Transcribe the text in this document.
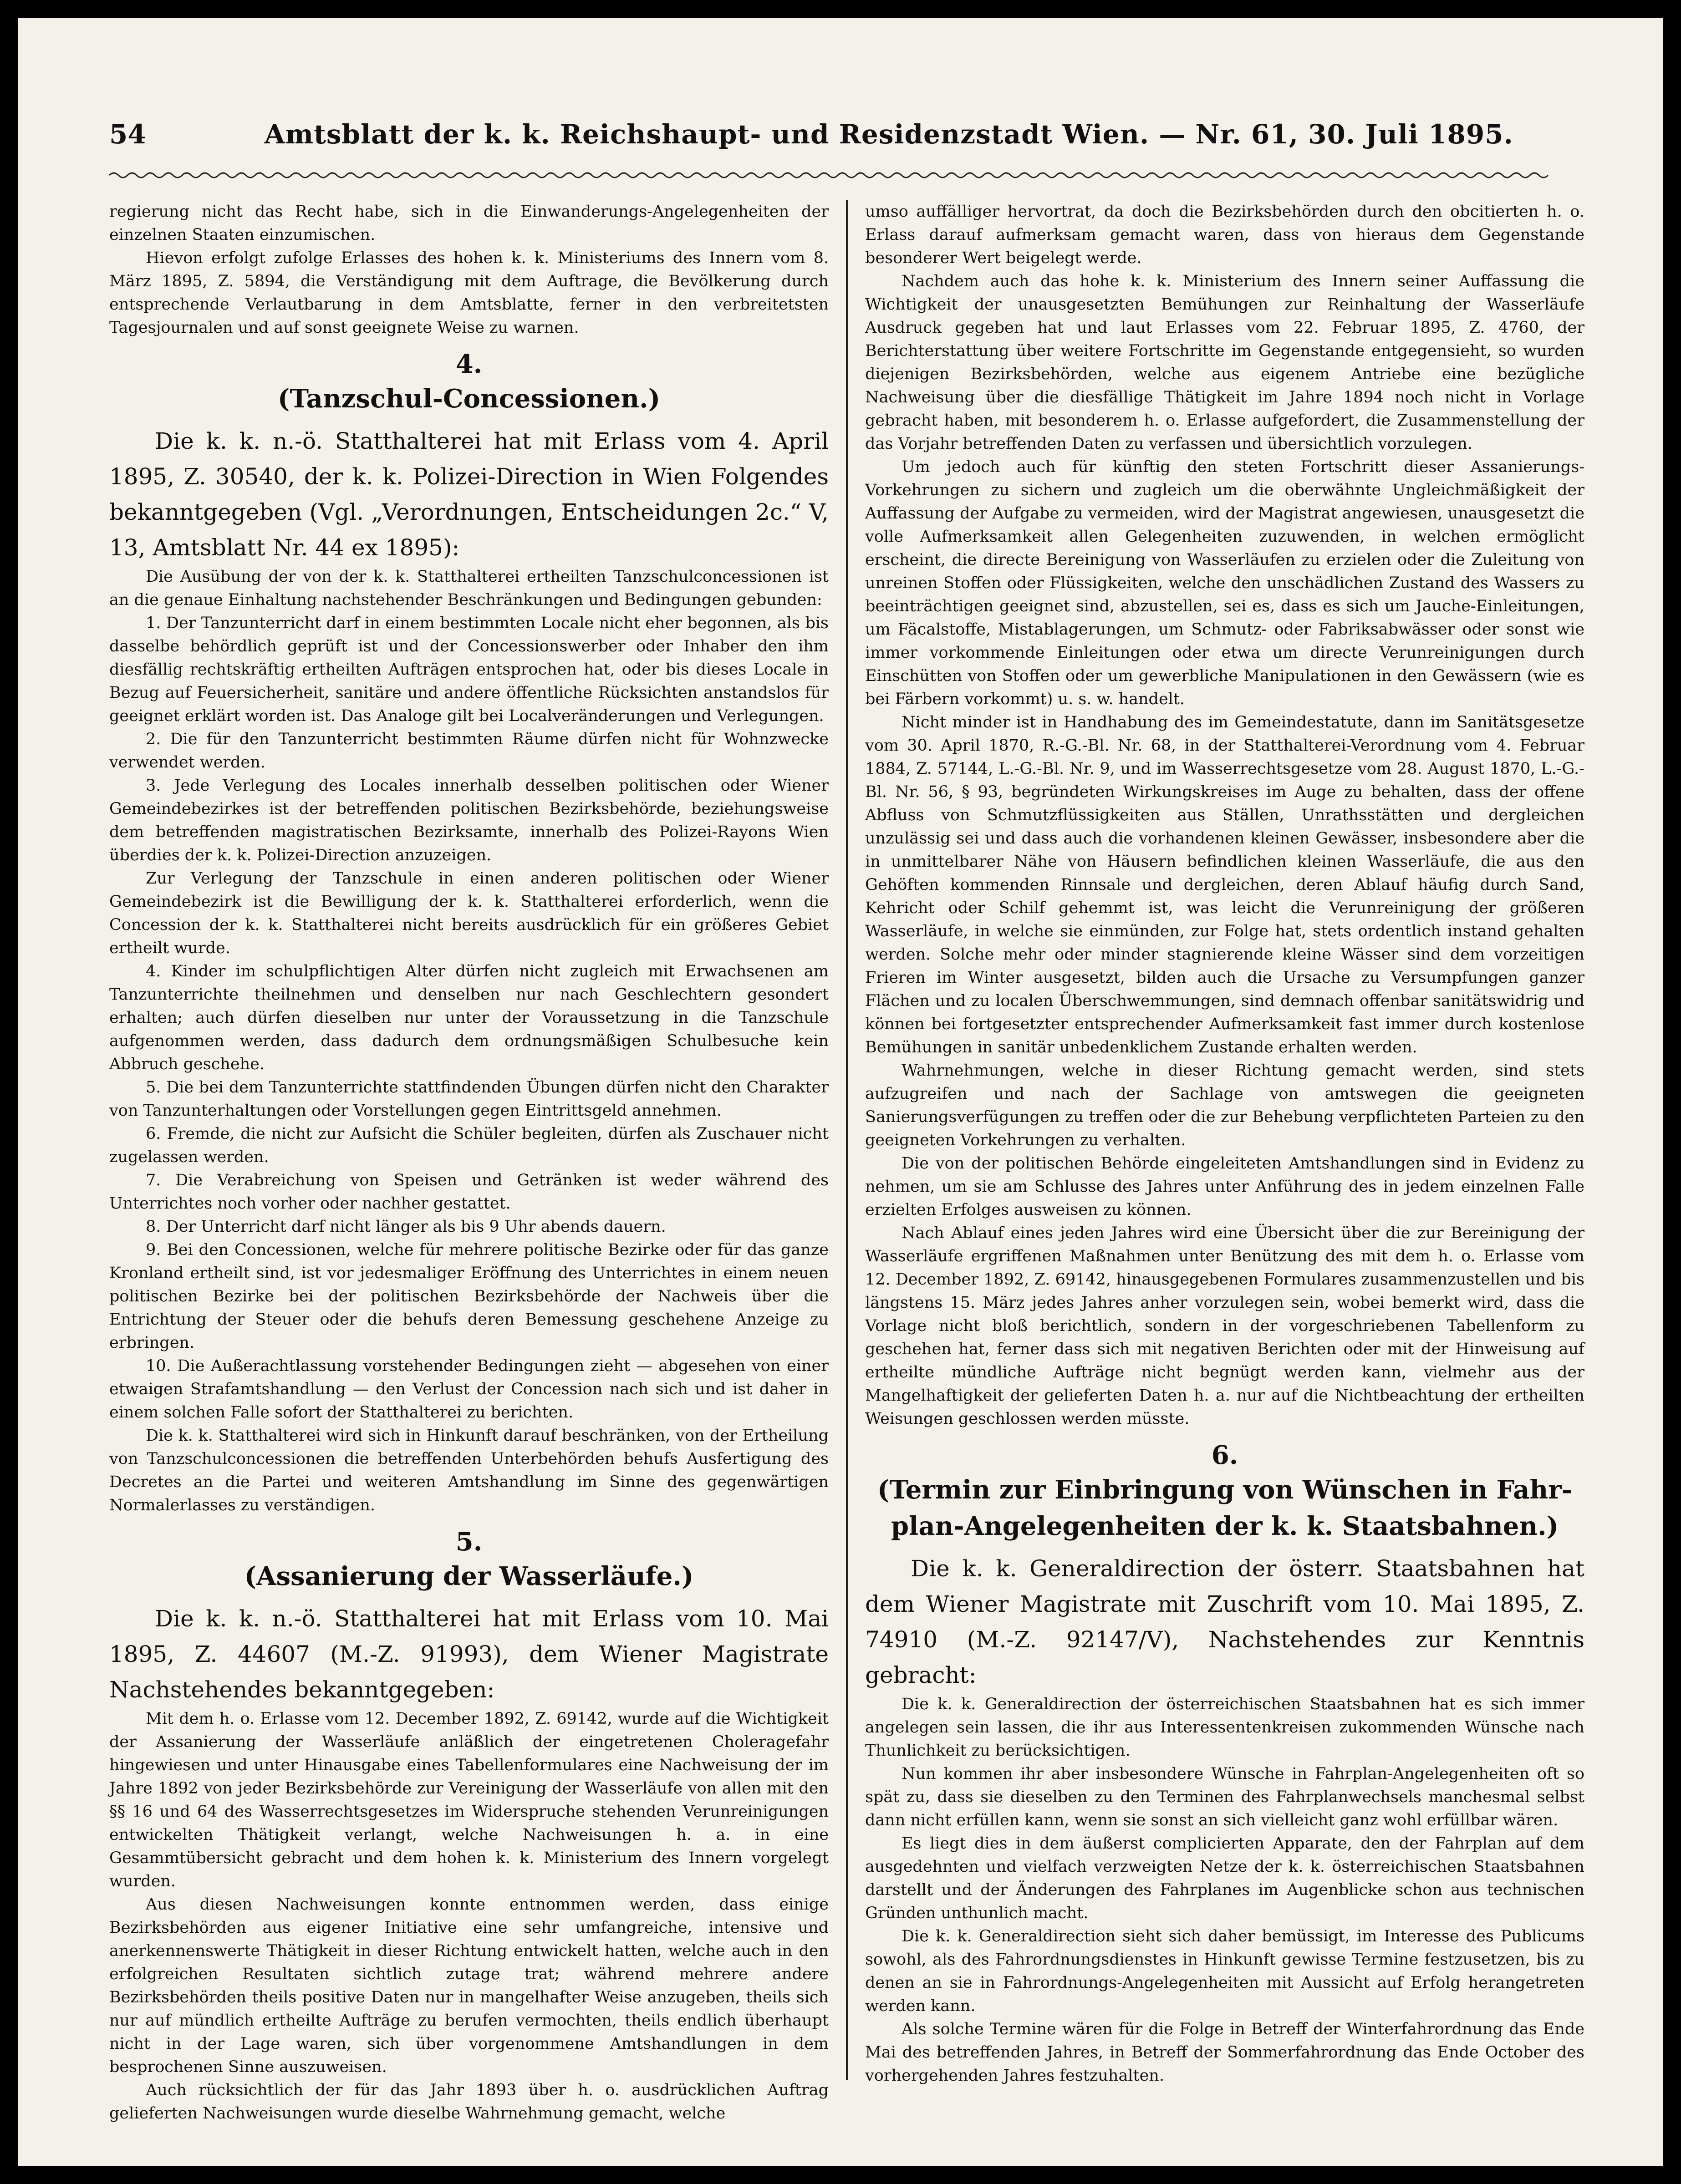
54	Amtsblatt der k. k. Reichshaupt- und Residenzstadt Wien. — Nr. 61, 30. Juli 1895.

regierung nicht das Recht habe, sich in die Einwanderungs-Angelegenheiten der einzelnen Staaten einzumischen.

Hievon erfolgt zufolge Erlasses des hohen k. k. Ministeriums des Innern vom 8. März 1895, Z. 5894, die Verständigung mit dem Auftrage, die Bevölkerung durch entsprechende Verlautbarung in dem Amtsblatte, ferner in den verbreitetsten Tagesjournalen und auf sonst geeignete Weise zu warnen.

4.
(Tanzschul-Concessionen.)

Die k. k. n.-ö. Statthalterei hat mit Erlass vom 4. April 1895, Z. 30540, der k. k. Polizei-Direction in Wien Folgendes bekanntgegeben (Vgl. „Verordnungen, Entscheidungen 2c.“ V, 13, Amtsblatt Nr. 44 ex 1895):

Die Ausübung der von der k. k. Statthalterei ertheilten Tanzschulconcessionen ist an die genaue Einhaltung nachstehender Beschränkungen und Bedingungen gebunden:

1. Der Tanzunterricht darf in einem bestimmten Locale nicht eher begonnen, als bis dasselbe behördlich geprüft ist und der Concessionswerber oder Inhaber den ihm diesfällig rechtskräftig ertheilten Aufträgen entsprochen hat, oder bis dieses Locale in Bezug auf Feuersicherheit, sanitäre und andere öffentliche Rücksichten anstandslos für geeignet erklärt worden ist. Das Analoge gilt bei Localveränderungen und Verlegungen.

2. Die für den Tanzunterricht bestimmten Räume dürfen nicht für Wohnzwecke verwendet werden.

3. Jede Verlegung des Locales innerhalb desselben politischen oder Wiener Gemeindebezirkes ist der betreffenden politischen Bezirksbehörde, beziehungsweise dem betreffenden magistratischen Bezirksamte, innerhalb des Polizei-Rayons Wien überdies der k. k. Polizei-Direction anzuzeigen.

Zur Verlegung der Tanzschule in einen anderen politischen oder Wiener Gemeindebezirk ist die Bewilligung der k. k. Statthalterei erforderlich, wenn die Concession der k. k. Statthalterei nicht bereits ausdrücklich für ein größeres Gebiet ertheilt wurde.

4. Kinder im schulpflichtigen Alter dürfen nicht zugleich mit Erwachsenen am Tanzunterrichte theilnehmen und denselben nur nach Geschlechtern gesondert erhalten; auch dürfen dieselben nur unter der Voraussetzung in die Tanzschule aufgenommen werden, dass dadurch dem ordnungsmäßigen Schulbesuche kein Abbruch geschehe.

5. Die bei dem Tanzunterrichte stattfindenden Übungen dürfen nicht den Charakter von Tanzunterhaltungen oder Vorstellungen gegen Eintrittsgeld annehmen.

6. Fremde, die nicht zur Aufsicht die Schüler begleiten, dürfen als Zuschauer nicht zugelassen werden.

7. Die Verabreichung von Speisen und Getränken ist weder während des Unterrichtes noch vorher oder nachher gestattet.

8. Der Unterricht darf nicht länger als bis 9 Uhr abends dauern.

9. Bei den Concessionen, welche für mehrere politische Bezirke oder für das ganze Kronland ertheilt sind, ist vor jedesmaliger Eröffnung des Unterrichtes in einem neuen politischen Bezirke bei der politischen Bezirksbehörde der Nachweis über die Entrichtung der Steuer oder die behufs deren Bemessung geschehene Anzeige zu erbringen.

10. Die Außerachtlassung vorstehender Bedingungen zieht — abgesehen von einer etwaigen Strafamtshandlung — den Verlust der Concession nach sich und ist daher in einem solchen Falle sofort der Statthalterei zu berichten.

Die k. k. Statthalterei wird sich in Hinkunft darauf beschränken, von der Ertheilung von Tanzschulconcessionen die betreffenden Unterbehörden behufs Ausfertigung des Decretes an die Partei und weiteren Amtshandlung im Sinne des gegenwärtigen Normalerlasses zu verständigen.

5.
(Assanierung der Wasserläufe.)

Die k. k. n.-ö. Statthalterei hat mit Erlass vom 10. Mai 1895, Z. 44607 (M.-Z. 91993), dem Wiener Magistrate Nachstehendes bekanntgegeben:

Mit dem h. o. Erlasse vom 12. December 1892, Z. 69142, wurde auf die Wichtigkeit der Assanierung der Wasserläufe anläßlich der eingetretenen Choleragefahr hingewiesen und unter Hinausgabe eines Tabellenformulares eine Nachweisung der im Jahre 1892 von jeder Bezirksbehörde zur Vereinigung der Wasserläufe von allen mit den §§ 16 und 64 des Wasserrechtsgesetzes im Widerspruche stehenden Verunreinigungen entwickelten Thätigkeit verlangt, welche Nachweisungen h. a. in eine Gesammtübersicht gebracht und dem hohen k. k. Ministerium des Innern vorgelegt wurden.

Aus diesen Nachweisungen konnte entnommen werden, dass einige Bezirksbehörden aus eigener Initiative eine sehr umfangreiche, intensive und anerkennenswerte Thätigkeit in dieser Richtung entwickelt hatten, welche auch in den erfolgreichen Resultaten sichtlich zutage trat; während mehrere andere Bezirksbehörden theils positive Daten nur in mangelhafter Weise anzugeben, theils sich nur auf mündlich ertheilte Aufträge zu berufen vermochten, theils endlich überhaupt nicht in der Lage waren, sich über vorgenommene Amtshandlungen in dem besprochenen Sinne auszuweisen.

Auch rücksichtlich der für das Jahr 1893 über h. o. ausdrücklichen Auftrag gelieferten Nachweisungen wurde dieselbe Wahrnehmung gemacht, welche

umso auffälliger hervortrat, da doch die Bezirksbehörden durch den obcitierten h. o. Erlass darauf aufmerksam gemacht waren, dass von hieraus dem Gegenstande besonderer Wert beigelegt werde.

Nachdem auch das hohe k. k. Ministerium des Innern seiner Auffassung die Wichtigkeit der unausgesetzten Bemühungen zur Reinhaltung der Wasserläufe Ausdruck gegeben hat und laut Erlasses vom 22. Februar 1895, Z. 4760, der Berichterstattung über weitere Fortschritte im Gegenstande entgegensieht, so wurden diejenigen Bezirksbehörden, welche aus eigenem Antriebe eine bezügliche Nachweisung über die diesfällige Thätigkeit im Jahre 1894 noch nicht in Vorlage gebracht haben, mit besonderem h. o. Erlasse aufgefordert, die Zusammenstellung der das Vorjahr betreffenden Daten zu verfassen und übersichtlich vorzulegen.

Um jedoch auch für künftig den steten Fortschritt dieser Assanierungs-Vorkehrungen zu sichern und zugleich um die oberwähnte Ungleichmäßigkeit der Auffassung der Aufgabe zu vermeiden, wird der Magistrat angewiesen, unausgesetzt die volle Aufmerksamkeit allen Gelegenheiten zuzuwenden, in welchen ermöglicht erscheint, die directe Bereinigung von Wasserläufen zu erzielen oder die Zuleitung von unreinen Stoffen oder Flüssigkeiten, welche den unschädlichen Zustand des Wassers zu beeinträchtigen geeignet sind, abzustellen, sei es, dass es sich um Jauche-Einleitungen, um Fäcalstoffe, Mistablagerungen, um Schmutz- oder Fabriksabwässer oder sonst wie immer vorkommende Einleitungen oder etwa um directe Verunreinigungen durch Einschütten von Stoffen oder um gewerbliche Manipulationen in den Gewässern (wie es bei Färbern vorkommt) u. s. w. handelt.

Nicht minder ist in Handhabung des im Gemeindestatute, dann im Sanitätsgesetze vom 30. April 1870, R.-G.-Bl. Nr. 68, in der Statthalterei-Verordnung vom 4. Februar 1884, Z. 57144, L.-G.-Bl. Nr. 9, und im Wasserrechtsgesetze vom 28. August 1870, L.-G.-Bl. Nr. 56, § 93, begründeten Wirkungskreises im Auge zu behalten, dass der offene Abfluss von Schmutzflüssigkeiten aus Ställen, Unrathsstätten und dergleichen unzulässig sei und dass auch die vorhandenen kleinen Gewässer, insbesondere aber die in unmittelbarer Nähe von Häusern befindlichen kleinen Wasserläufe, die aus den Gehöften kommenden Rinnsale und dergleichen, deren Ablauf häufig durch Sand, Kehricht oder Schilf gehemmt ist, was leicht die Verunreinigung der größeren Wasserläufe, in welche sie einmünden, zur Folge hat, stets ordentlich instand gehalten werden. Solche mehr oder minder stagnierende kleine Wässer sind dem vorzeitigen Frieren im Winter ausgesetzt, bilden auch die Ursache zu Versumpfungen ganzer Flächen und zu localen Überschwemmungen, sind demnach offenbar sanitätswidrig und können bei fortgesetzter entsprechender Aufmerksamkeit fast immer durch kostenlose Bemühungen in sanitär unbedenklichem Zustande erhalten werden.

Wahrnehmungen, welche in dieser Richtung gemacht werden, sind stets aufzugreifen und nach der Sachlage von amtswegen die geeigneten Sanierungsverfügungen zu treffen oder die zur Behebung verpflichteten Parteien zu den geeigneten Vorkehrungen zu verhalten.

Die von der politischen Behörde eingeleiteten Amtshandlungen sind in Evidenz zu nehmen, um sie am Schlusse des Jahres unter Anführung des in jedem einzelnen Falle erzielten Erfolges ausweisen zu können.

Nach Ablauf eines jeden Jahres wird eine Übersicht über die zur Bereinigung der Wasserläufe ergriffenen Maßnahmen unter Benützung des mit dem h. o. Erlasse vom 12. December 1892, Z. 69142, hinausgegebenen Formulares zusammenzustellen und bis längstens 15. März jedes Jahres anher vorzulegen sein, wobei bemerkt wird, dass die Vorlage nicht bloß berichtlich, sondern in der vorgeschriebenen Tabellenform zu geschehen hat, ferner dass sich mit negativen Berichten oder mit der Hinweisung auf ertheilte mündliche Aufträge nicht begnügt werden kann, vielmehr aus der Mangelhaftigkeit der gelieferten Daten h. a. nur auf die Nichtbeachtung der ertheilten Weisungen geschlossen werden müsste.

6.
(Termin zur Einbringung von Wünschen in Fahr-
plan-Angelegenheiten der k. k. Staatsbahnen.)

Die k. k. Generaldirection der österr. Staatsbahnen hat dem Wiener Magistrate mit Zuschrift vom 10. Mai 1895, Z. 74910 (M.-Z. 92147/V), Nachstehendes zur Kenntnis gebracht:

Die k. k. Generaldirection der österreichischen Staatsbahnen hat es sich immer angelegen sein lassen, die ihr aus Interessentenkreisen zukommenden Wünsche nach Thunlichkeit zu berücksichtigen.

Nun kommen ihr aber insbesondere Wünsche in Fahrplan-Angelegenheiten oft so spät zu, dass sie dieselben zu den Terminen des Fahrplanwechsels manchesmal selbst dann nicht erfüllen kann, wenn sie sonst an sich vielleicht ganz wohl erfüllbar wären.

Es liegt dies in dem äußerst complicierten Apparate, den der Fahrplan auf dem ausgedehnten und vielfach verzweigten Netze der k. k. österreichischen Staatsbahnen darstellt und der Änderungen des Fahrplanes im Augenblicke schon aus technischen Gründen unthunlich macht.

Die k. k. Generaldirection sieht sich daher bemüssigt, im Interesse des Publicums sowohl, als des Fahrordnungsdienstes in Hinkunft gewisse Termine festzusetzen, bis zu denen an sie in Fahrordnungs-Angelegenheiten mit Aussicht auf Erfolg herangetreten werden kann.

Als solche Termine wären für die Folge in Betreff der Winterfahrordnung das Ende Mai des betreffenden Jahres, in Betreff der Sommerfahrordnung das Ende October des vorhergehenden Jahres festzuhalten.
